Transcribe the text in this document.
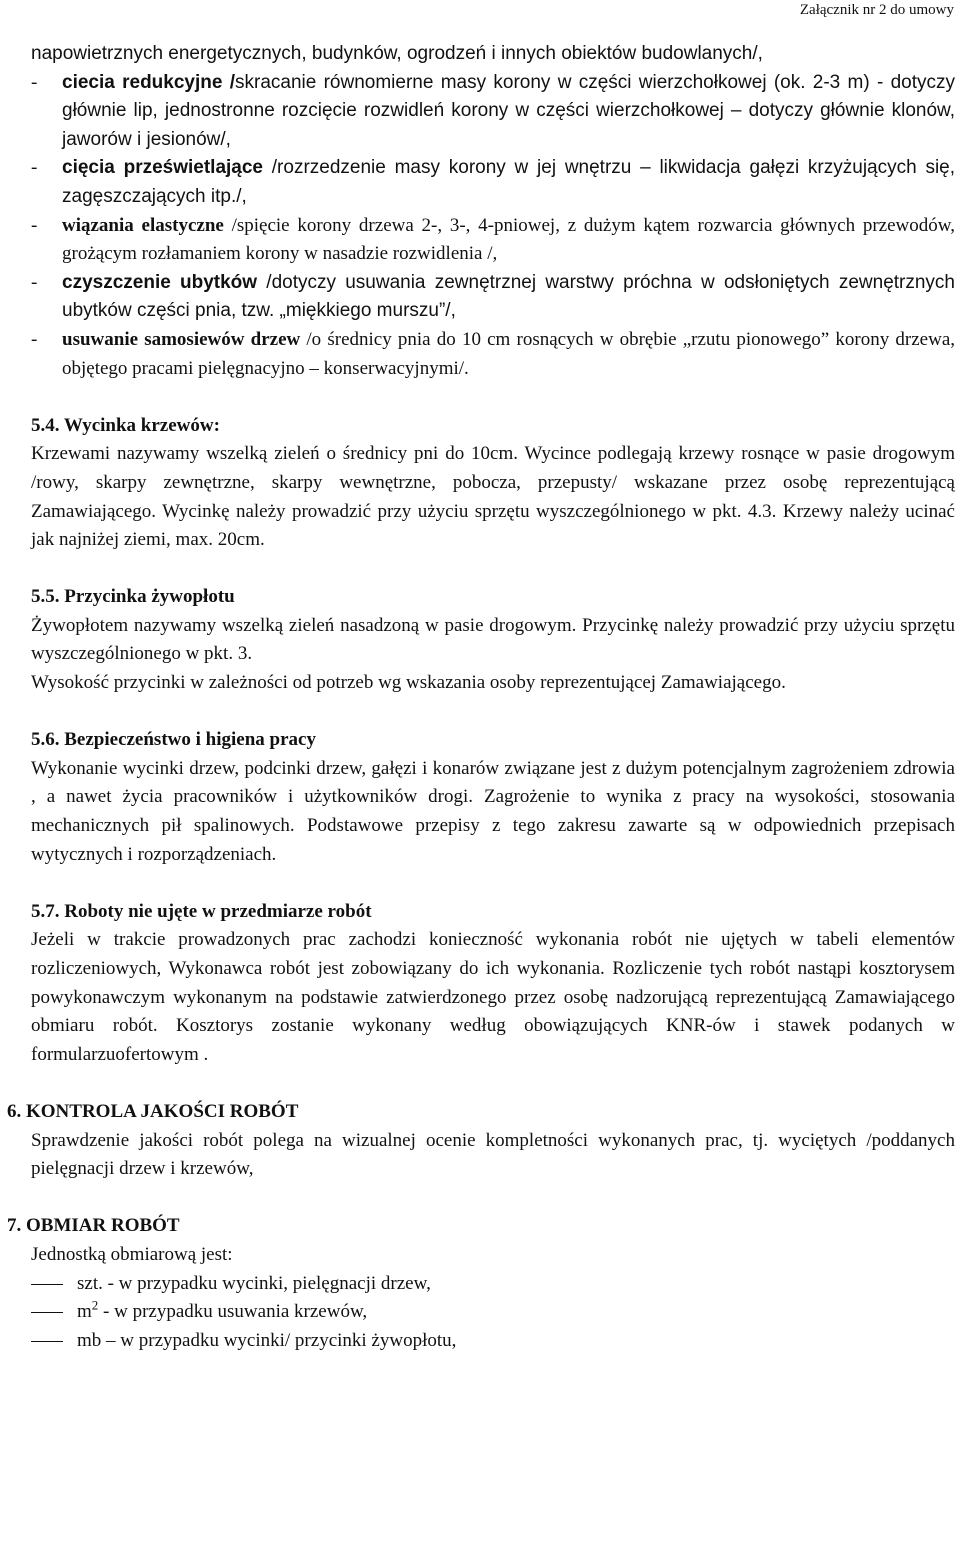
Załącznik nr 2 do umowy

napowietrznych energetycznych, budynków, ogrodzeń i innych obiektów budowlanych/,

- ciecia redukcyjne /skracanie równomierne masy korony w części wierzchołkowej (ok. 2-3 m) - dotyczy głównie lip, jednostronne rozcięcie rozwidleń korony w części wierzchołkowej – dotyczy głównie klonów, jaworów i jesionów/,
- cięcia prześwietlające /rozrzedzenie masy korony w jej wnętrzu – likwidacja gałęzi krzyżujących się, zagęszczających itp./,
- wiązania elastyczne /spięcie korony drzewa 2-, 3-, 4-pniowej, z dużym kątem rozwarcia głównych przewodów, grożącym rozłamaniem korony w nasadzie rozwidlenia /,
- czyszczenie ubytków /dotyczy usuwania zewnętrznej warstwy próchna w odsłoniętych zewnętrznych ubytków części pnia, tzw. „miękkiego murszu”/,
- usuwanie samosiewów drzew /o średnicy pnia do 10 cm rosnących w obrębie „rzutu pionowego” korony drzewa, objętego pracami pielęgnacyjno – konserwacyjnymi/.
5.4. Wycinka krzewów:

Krzewami nazywamy wszelką zieleń o średnicy pni do 10cm. Wycince podlegają krzewy rosnące w pasie drogowym /rowy, skarpy zewnętrzne, skarpy wewnętrzne, pobocza, przepusty/ wskazane przez osobę reprezentującą Zamawiającego. Wycinkę należy prowadzić przy użyciu sprzętu wyszczególnionego w pkt. 4.3. Krzewy należy ucinać jak najniżej ziemi, max. 20cm.

5.5. Przycinka żywopłotu

Żywopłotem nazywamy wszelką zieleń nasadzoną w pasie drogowym. Przycinkę należy prowadzić przy użyciu sprzętu wyszczególnionego w pkt. 3.

Wysokość przycinki w zależności od potrzeb wg wskazania osoby reprezentującej Zamawiającego.

5.6. Bezpieczeństwo i higiena pracy

Wykonanie wycinki drzew, podcinki drzew, gałęzi i konarów związane jest z dużym potencjalnym zagrożeniem zdrowia , a nawet życia pracowników i użytkowników drogi. Zagrożenie to wynika z pracy na wysokości, stosowania mechanicznych pił spalinowych. Podstawowe przepisy z tego zakresu zawarte są w odpowiednich przepisach wytycznych i rozporządzeniach.

5.7. Roboty nie ujęte w przedmiarze robót

Jeżeli w trakcie prowadzonych prac zachodzi konieczność wykonania robót nie ujętych w tabeli elementów rozliczeniowych, Wykonawca robót jest zobowiązany do ich wykonania. Rozliczenie tych robót nastąpi kosztorysem powykonawczym wykonanym na podstawie zatwierdzonego przez osobę nadzorującą reprezentującą Zamawiającego obmiaru robót. Kosztorys zostanie wykonany według obowiązujących KNR-ów i stawek podanych w formularzuofertowym .

6. KONTROLA JAKOŚCI ROBÓT

Sprawdzenie jakości robót polega na wizualnej ocenie kompletności wykonanych prac, tj. wyciętych /poddanych pielęgnacji drzew i krzewów,

7. OBMIAR ROBÓT
Jednostką obmiarową jest:
szt. - w przypadku wycinki, pielęgnacji drzew,
$m^2$ - w przypadku usuwania krzewów,
mb – w przypadku wycinki/ przycinki żywopłotu,
